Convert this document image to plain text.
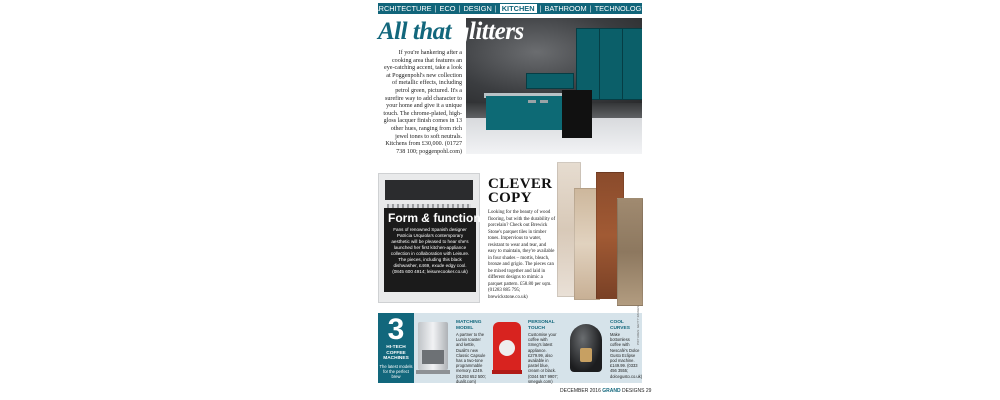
ARCHITECTURE | ECO | DESIGN | KITCHEN | BATHROOM | TECHNOLOGY
All that glitters
If you're hankering after a cooking area that features an eye-catching accent, take a look at Poggenpohl's new collection of metallic effects, including petrol green, pictured. It's a surefire way to add character to your home and give it a unique touch. The chrome-plated, high-gloss lacquer finish comes in 13 other hues, ranging from rich jewel tones to soft neutrals. Kitchens from £30,000. (01727 738 100; poggenpohl.com)
Form & function
Fans of renowned Spanish designer Patricia Urquiola's contemporary aesthetic will be pleased to hear she's launched her first kitchen-appliance collection in collaboration with Leisure. The pieces, including this black dishwasher, £469, exude edgy cool. (0845 600 4914; leisurecooker.co.uk)
CLEVER
COPY
Looking for the beauty of wood flooring, but with the durability of porcelain? Check out Brewick Stone's parquet tiles in timber tones. Impervious to water, resistant to wear and tear, and easy to maintain, they're available in four shades – mortis, bleach, bronze and grigio. The pieces can be mixed together and laid in different designs to mimic a parquet pattern. £58.80 per sqm. (01283 885 795; brewickstone.co.uk)
3
HI-TECH COFFEE MACHINES
The latest models for the perfect brew
MATCHING MODEL
A partner to the Lumin toaster and kettle, Dualit's new Classic Capsule has a two-tone programmable memory. £249. (01293 652 500; dualit.com)
PERSONAL TOUCH
Customise your coffee with Smeg's latest appliance. £279.99, also available in pastel blue, cream or black. (0344 557 9907; smeguk.com)
COOL CURVES
Make bottomless coffee with Nescafé's Dolce Gusto Eclipse pod machine. £149.99. (0333 456 3555; dolcegusto.co.uk)
PICTURES: GETTY IMAGES
DECEMBER 2016 GRAND DESIGNS 29
